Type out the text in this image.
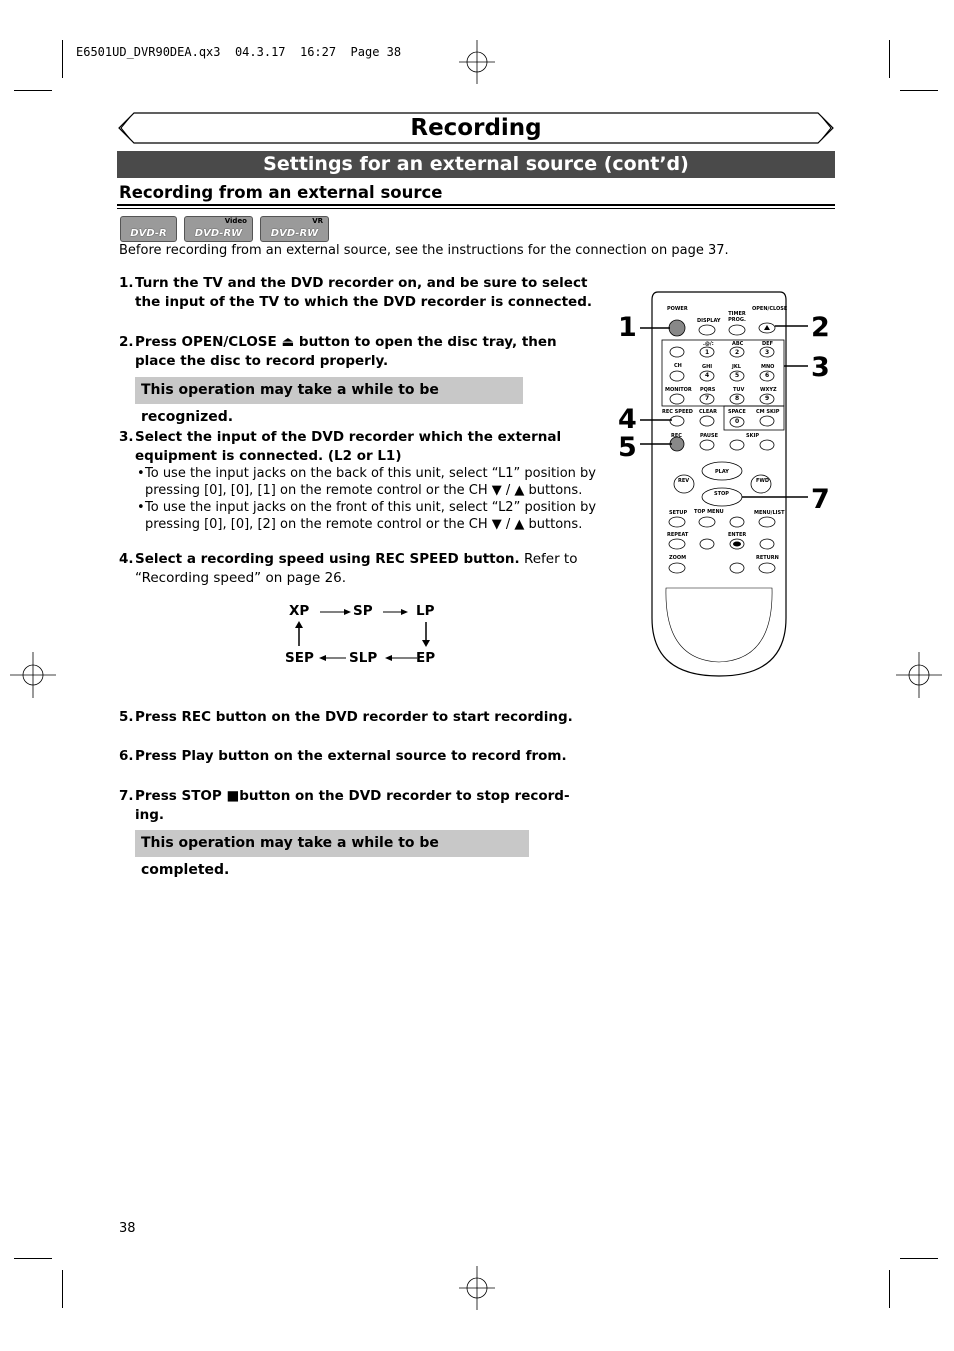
E6501UD_DVR90DEA.qx3  04.3.17  16:27  Page 38
Recording
Settings for an external source (cont’d)
Recording from an external source
DVD-R
Video
DVD-RW
VR
DVD-RW
Before recording from an external source, see the instructions for the connection on page 37.
1. Turn the TV and the DVD recorder on, and be sure to select the input of the TV to which the DVD recorder is connected.
2. Press OPEN/CLOSE ⏏ button to open the disc tray, then place the disc to record properly.
This operation may take a while to be recognized.
3. Select the input of the DVD recorder which the external equipment is connected. (L2 or L1)
• To use the input jacks on the back of this unit, select “L1” position by pressing [0], [0], [1] on the remote control or the CH ▼ / ▲ buttons.
• To use the input jacks on the front of this unit, select “L2” position by pressing [0], [0], [2] on the remote control or the CH ▼ / ▲ buttons.
4. Select a recording speed using REC SPEED button. Refer to “Recording speed” on page 26.
XP	SP	LP
SEP	SLP	EP
5. Press REC button on the DVD recorder to start recording.
6. Press Play button on the external source to record from.
7. Press STOP ■button on the DVD recorder to stop record-ing.
This operation may take a while to be completed.
POWER
DISPLAY
TIMER PROG.
OPEN/CLOSE
.@/:	ABC	DEF
CH	GHI	JKL	MNO
MONITOR PQRS	TUV	WXYZ
REC SPEED CLEAR SPACE CM SKIP
REC	PAUSE	SKIP
REV
PLAY
FWD
STOP
SETUP TOP MENU	MENU/LIST
REPEAT	ENTER
ZOOM	RETURN
1	2	3
4	5	6
7	8	9
0
1	2
3
4
5
7
38
